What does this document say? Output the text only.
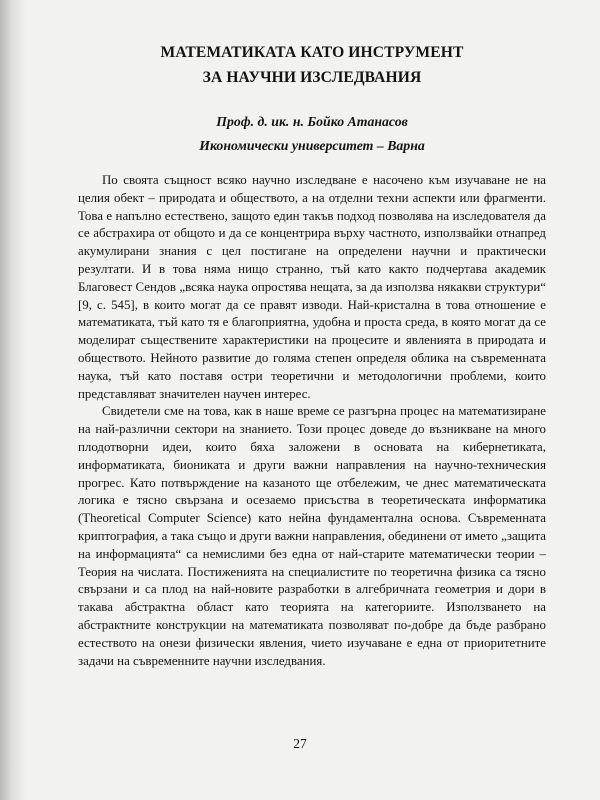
МАТЕМАТИКАТА КАТО ИНСТРУМЕНТ
ЗА НАУЧНИ ИЗСЛЕДВАНИЯ
Проф. д. ик. н. Бойко Атанасов
Икономически университет – Варна

По своята същност всяко научно изследване е насочено към изучаване не на целия обект – природата и обществото, а на отделни техни аспекти или фрагменти. Това е напълно естествено, защото един такъв подход позволява на изследователя да се абстрахира от общото и да се концентрира върху частното, използвайки отнапред акумулирани знания с цел постигане на определени научни и практически резултати. И в това няма нищо странно, тъй като както подчертава академик Благовест Сендов „всяка наука опростява нещата, за да използва някакви структури“ [9, с. 545], в които могат да се правят изводи. Най-кристална в това отношение е математиката, тъй като тя е благоприятна, удобна и проста среда, в която могат да се моделират съществените характеристики на процесите и явленията в природата и обществото. Нейното развитие до голяма степен определя облика на съвременната наука, тъй като поставя остри теоретични и методологични проблеми, които представляват значителен научен интерес.

Свидетели сме на това, как в наше време се разгърна процес на математизиране на най-различни сектори на знанието. Този процес доведе до възникване на много плодотворни идеи, които бяха заложени в основата на кибернетиката, информатиката, биониката и други важни направления на научно-техническия прогрес. Като потвърждение на казаното ще отбележим, че днес математическата логика е тясно свързана и осезаемо присъства в теоретическата информатика (Theoretical Computer Science) като нейна фундаментална основа. Съвременната криптография, а така също и други важни направления, обединени от името „защита на информацията“ са немислими без една от най-старите математически теории – Теория на числата. Постиженията на специалистите по теоретична физика са тясно свързани и са плод на най-новите разработки в алгебричната геометрия и дори в такава абстрактна област като теорията на категориите. Използването на абстрактните конструкции на математиката позволяват по-добре да бъде разбрано естеството на онези физически явления, чието изучаване е една от приоритетните задачи на съвременните научни изследвания.

27
